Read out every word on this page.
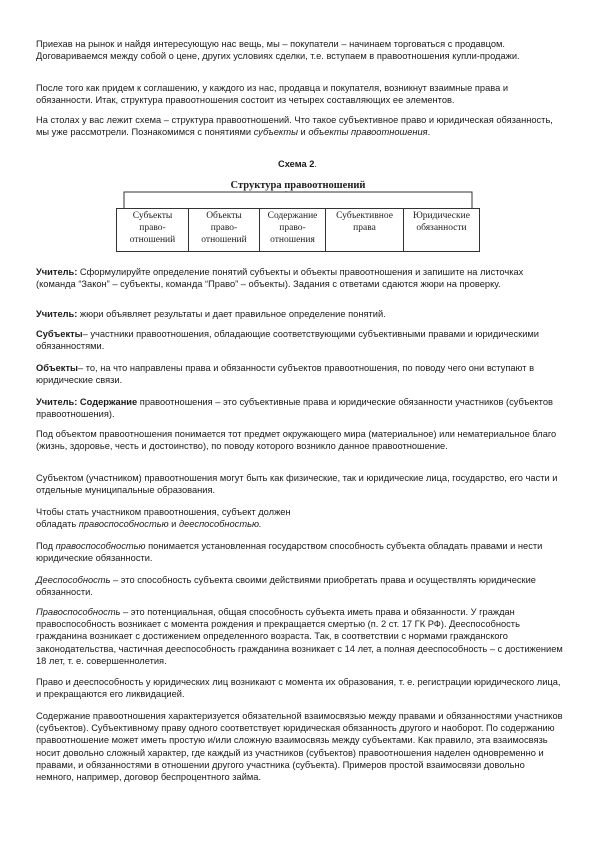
Приехав на рынок и найдя интересующую нас вещь, мы – покупатели – начинаем торговаться с продавцом. Договариваемся между собой о цене, других условиях сделки, т.е. вступаем в правоотношения купли-продажи.

После того как придем к соглашению, у каждого из нас, продавца и покупателя, возникнут взаимные права и обязанности. Итак, структура правоотношения состоит из четырех составляющих ее элементов.

На столах у вас лежит схема – структура правоотношений. Что такое субъективное право и юридическая обязанность, мы уже рассмотрели. Познакомимся с понятиями субъекты и объекты правоотношения.

Схема 2.
Структура правоотношений
Субъекты
право-
отношений
Объекты
право-
отношений
Содержание
право-
отношения
Субъективное
права
Юридические
обязанности

Учитель: Сформулируйте определение понятий субъекты и объекты правоотношения и запишите на листочках (команда “Закон” – субъекты, команда “Право” – объекты). Задания с ответами сдаются жюри на проверку.

Учитель: жюри объявляет результаты и дает правильное определение понятий.

Субъекты– участники правоотношения, обладающие соответствующими субъективными правами и юридическими обязанностями.

Объекты– то, на что направлены права и обязанности субъектов правоотношения, по поводу чего они вступают в юридические связи.

Учитель: Содержание правоотношения – это субъективные права и юридические обязанности участников (субъектов правоотношения).

Под объектом правоотношения понимается тот предмет окружающего мира (материальное) или нематериальное благо (жизнь, здоровье, честь и достоинство), по поводу которого возникло данное правоотношение.

Субъектом (участником) правоотношения могут быть как физические, так и юридические лица, государство, его части и отдельные муниципальные образования.

Чтобы стать участником правоотношения, субъект должен
обладать правоспособностью и деeспособностью.

Под правоспособностью понимается установленная государством способность субъекта обладать правами и нести юридические обязанности.

Деeспособность – это способность субъекта своими действиями приобретать права и осуществлять юридические обязанности.

Правоспособность – это потенциальная, общая способность субъекта иметь права и обязанности. У граждан правоспособность возникает с момента рождения и прекращается смертью (п. 2 ст. 17 ГК РФ). Дееспособность гражданина возникает с достижением определенного возраста. Так, в соответствии с нормами гражданского законодательства, частичная дееспособность гражданина возникает с 14 лет, а полная дееспособность – с достижением 18 лет, т. е. совершеннолетия.

Право и дееспособность у юридических лиц возникают с момента их образования, т. е. регистрации юридического лица, и прекращаются его ликвидацией.

Содержание правоотношения характеризуется обязательной взаимосвязью между правами и обязанностями участников (субъектов). Субъективному праву одного соответствует юридическая обязанность другого и наоборот. По содержанию правоотношение может иметь простую и/или сложную взаимосвязь между субъектами. Как правило, эта взаимосвязь носит довольно сложный характер, где каждый из участников (субъектов) правоотношения наделен одновременно и правами, и обязанностями в отношении другого участника (субъекта). Примеров простой взаимосвязи довольно немного, например, договор беспроцентного займа.
